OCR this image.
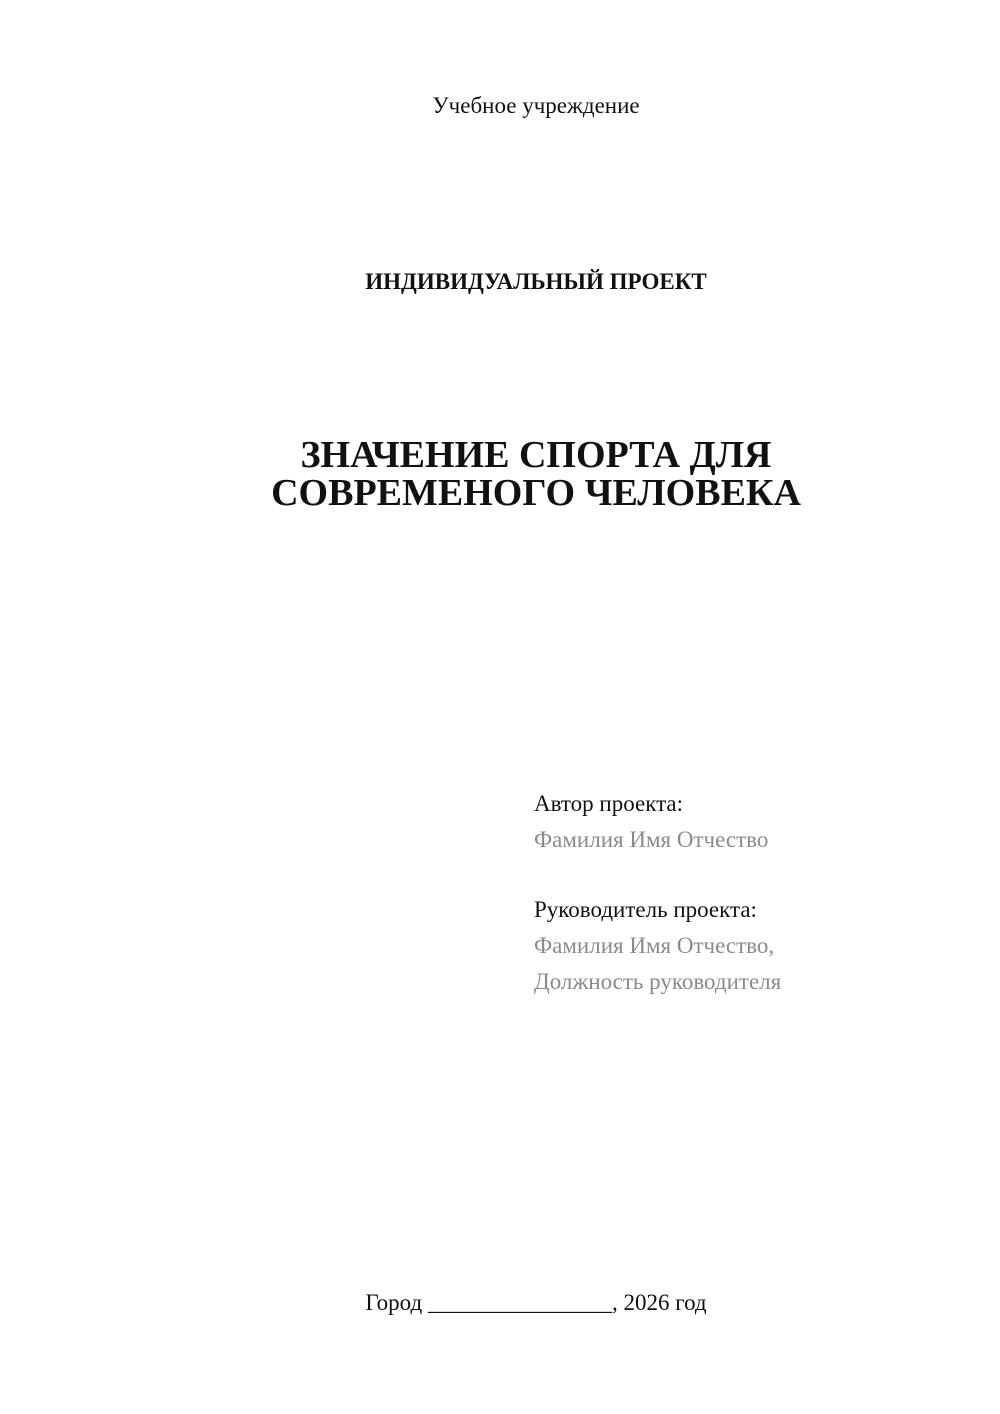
Учебное учреждение
ИНДИВИДУАЛЬНЫЙ ПРОЕКТ
ЗНАЧЕНИЕ СПОРТА ДЛЯ
СОВРЕМЕНОГО ЧЕЛОВЕКА
Автор проекта:
Фамилия Имя Отчество
Руководитель проекта:
Фамилия Имя Отчество,
Должность руководителя
Город ________________, 2026 год
